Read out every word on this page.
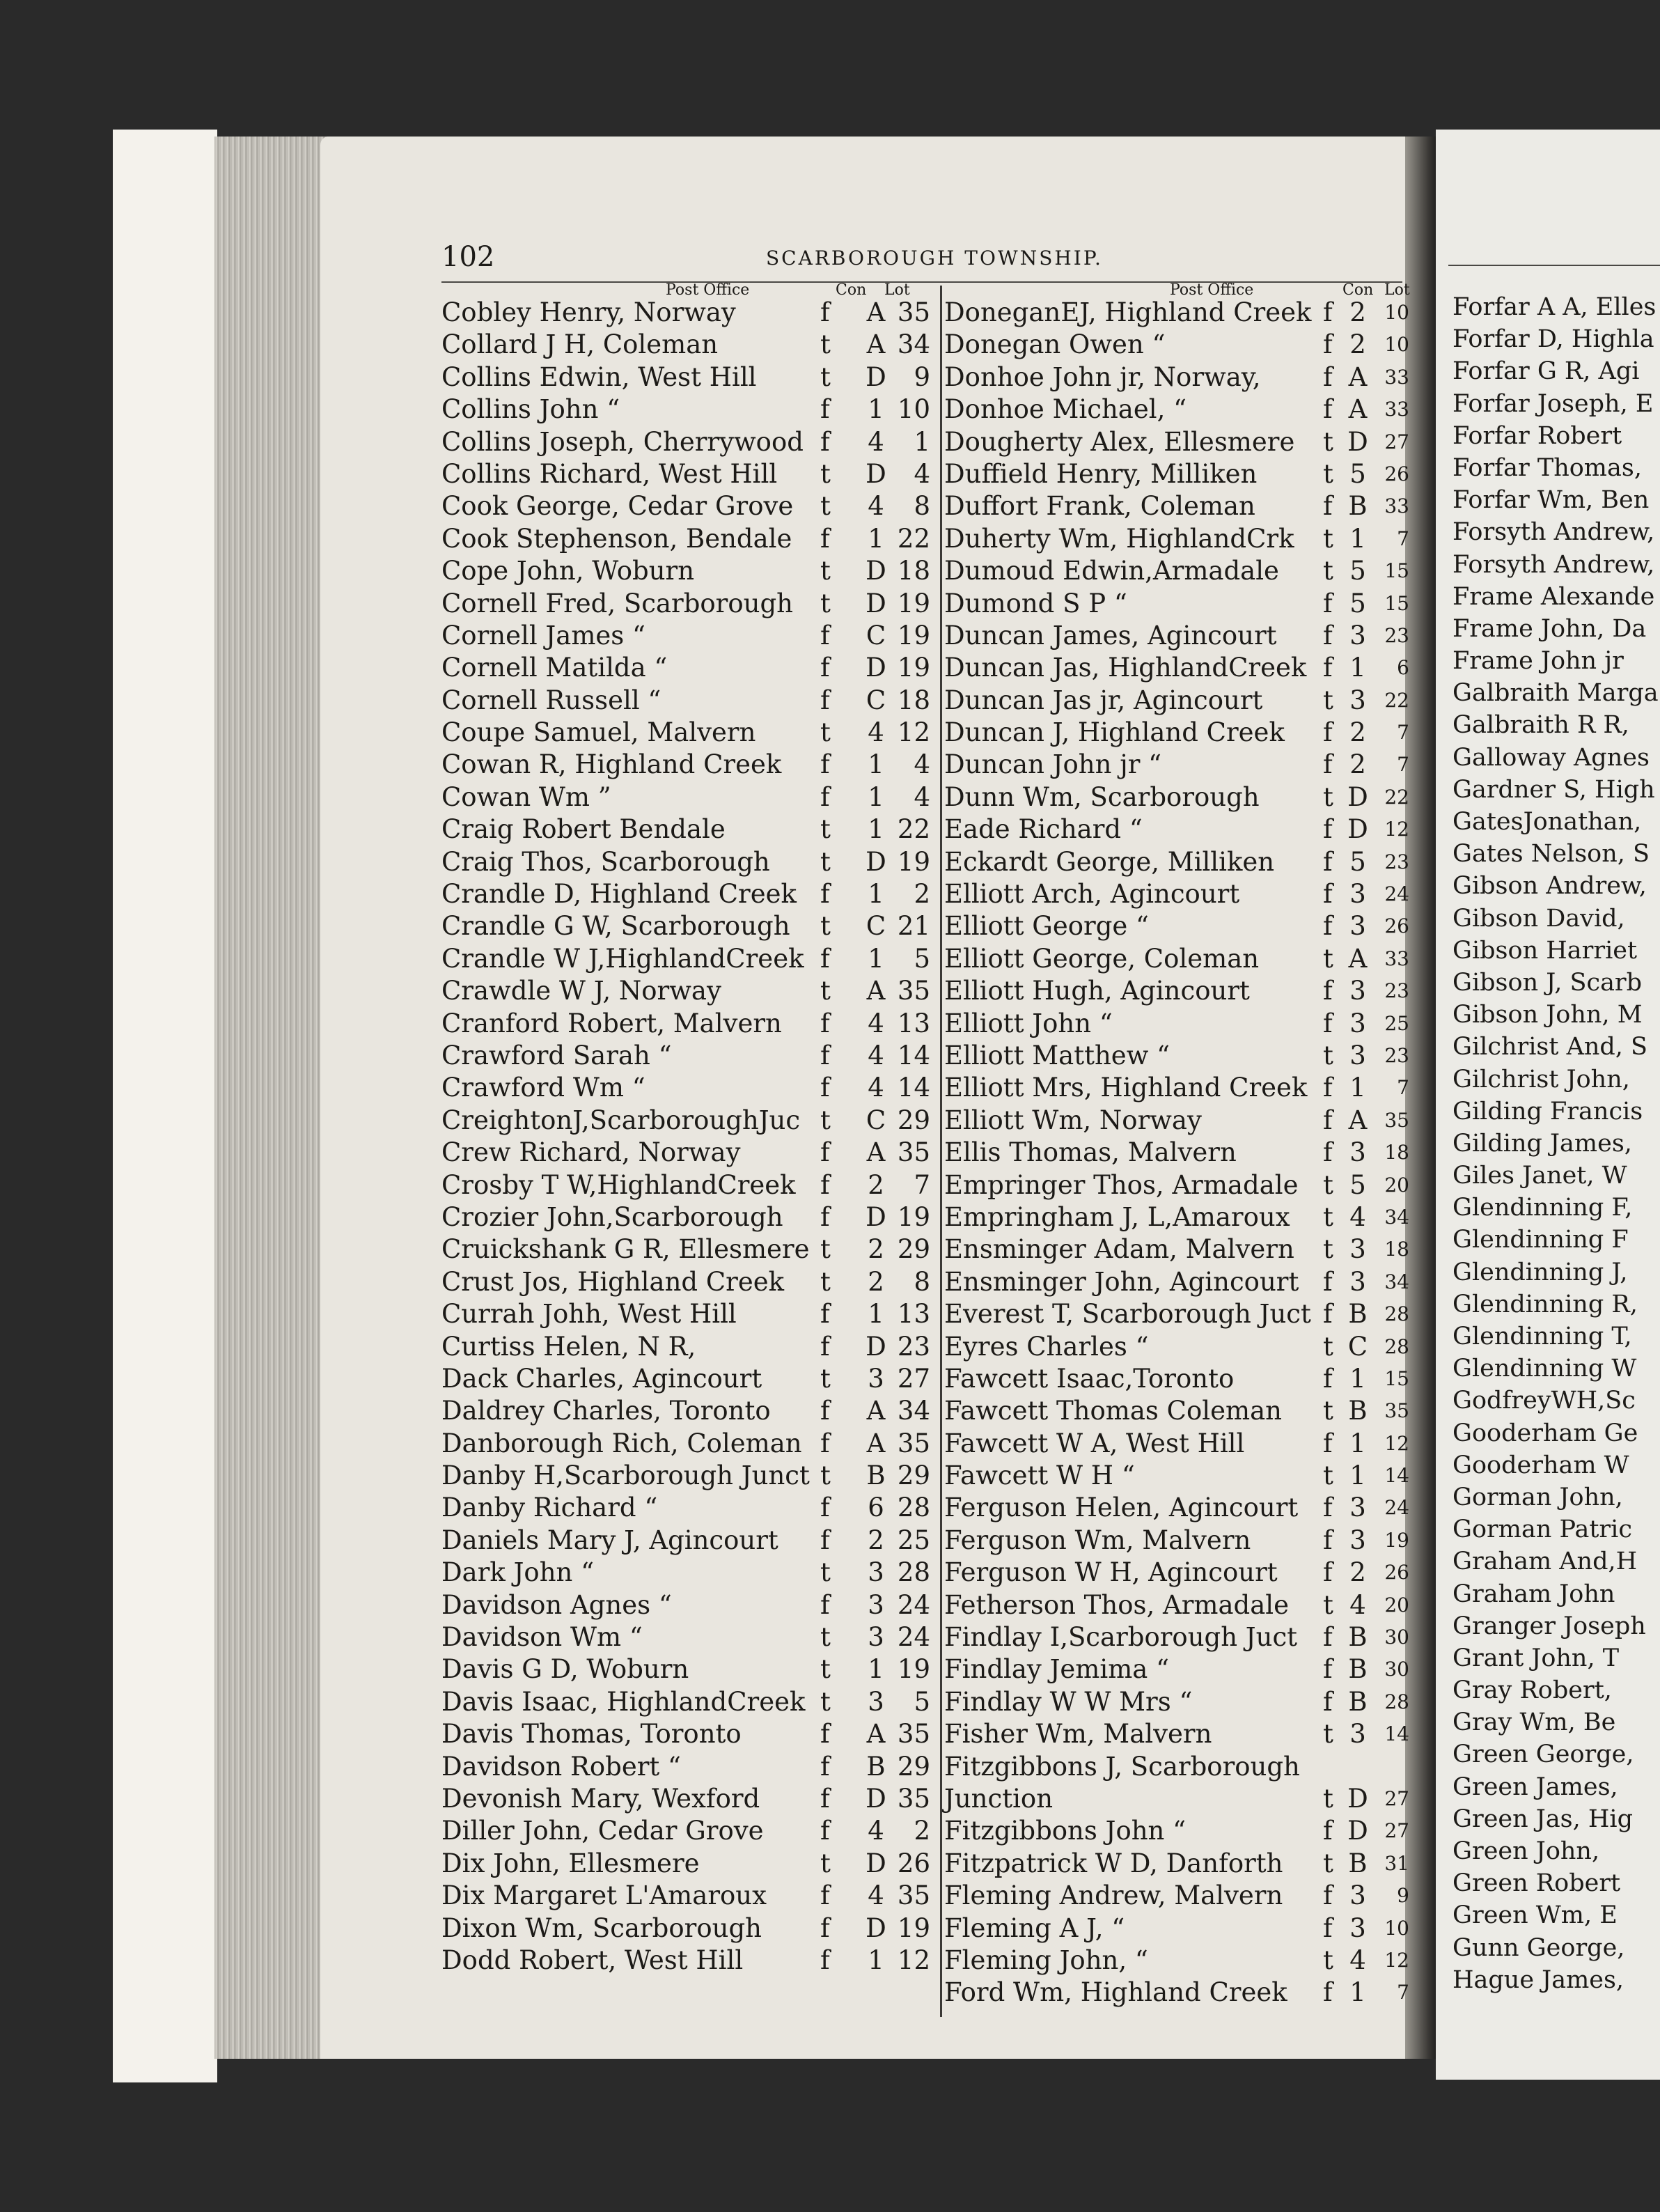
102	SCARBOROUGH TOWNSHIP.
Post Office	Con Lot	Post Office	Con Lot
Cobley Henry, Norway	f	A 35
Collard J H, Coleman	t	A 34
Collins Edwin, West Hill t	D	9
Collins John “	f	1 10
Collins Joseph, Cherrywood f	4	1
Collins Richard, West Hill t	D	4
Cook George, Cedar Grove t	4	8
Cook Stephenson, Bendale f	1 22
Cope John, Woburn	t	D 18
Cornell Fred, Scarborough t	D 19
Cornell James “	f	C 19
Cornell Matilda “	f	D 19
Cornell Russell “	f	C 18
Coupe Samuel, Malvern	t	4 12
Cowan R, Highland Creek f	1	4
Cowan Wm ”	f	1	4
Craig Robert Bendale	t	1 22
Craig Thos, Scarborough t	D 19
Crandle D, Highland Creek f	1	2
Crandle G W, Scarborough t	C 21
Crandle W J,HighlandCreek f	1	5
Crawdle W J, Norway	t	A 35
Cranford Robert, Malvern f	4 13
Crawford Sarah “	f	4 14
Crawford Wm “	f	4 14
CreightonJ,ScarboroughJuc t	C 29
Crew Richard, Norway	f	A 35
Crosby T W,HighlandCreek f	2	7
Crozier John,Scarborough f	D 19
Cruickshank G R, Ellesmere t	2 29
Crust Jos, Highland Creek t	2	8
Currah Johh, West Hill	f	1 13
Curtiss Helen, N R,	f	D 23
Dack Charles, Agincourt t	3 27
Daldrey Charles, Toronto f	A 34
Danborough Rich, Coleman f	A 35
Danby H,Scarborough Junct t	B 29
Danby Richard “	f	6 28
Daniels Mary J, Agincourt f	2 25
Dark John “	t	3 28
Davidson Agnes “	f	3 24
Davidson Wm “	t	3 24
Davis G D, Woburn	t	1 19
Davis Isaac, HighlandCreek t	3	5
Davis Thomas, Toronto	f	A 35
Davidson Robert “	f	B 29
Devonish Mary, Wexford f	D 35
Diller John, Cedar Grove f	4	2
Dix John, Ellesmere	t	D 26
Dix Margaret L'Amaroux f	4 35
Dixon Wm, Scarborough f	D 19
Dodd Robert, West Hill	f	1 12
DoneganEJ, Highland Creek f 2 10
Donegan Owen “	f 2 10
Donhoe John jr, Norway, f A 33
Donhoe Michael, “	f A 33
Dougherty Alex, Ellesmere t D 27
Duffield Henry, Milliken	t 5 26
Duffort Frank, Coleman	f B 33
Duherty Wm, HighlandCrk t 1	7
Dumoud Edwin,Armadale t 5 15
Dumond S P “	f 5 15
Duncan James, Agincourt f 3 23
Duncan Jas, HighlandCreek f 1	6
Duncan Jas jr, Agincourt t 3 22
Duncan J, Highland Creek f 2	7
Duncan John jr “	f 2	7
Dunn Wm, Scarborough t D 22
Eade Richard “	f D 12
Eckardt George, Milliken f 5 23
Elliott Arch, Agincourt	f 3 24
Elliott George “	f 3 26
Elliott George, Coleman t A 33
Elliott Hugh, Agincourt	f 3 23
Elliott John “	f 3 25
Elliott Matthew “	t 3 23
Elliott Mrs, Highland Creek f 1	7
Elliott Wm, Norway	f A 35
Ellis Thomas, Malvern	f 3 18
Empringer Thos, Armadale t 5 20
Empringham J, L,Amaroux t 4 34
Ensminger Adam, Malvern t 3 18
Ensminger John, Agincourt f 3 34
Everest T, Scarborough Juct f B 28
Eyres Charles “	t C 28
Fawcett Isaac,Toronto	f 1 15
Fawcett Thomas Coleman t B 35
Fawcett W A, West Hill	f 1 12
Fawcett W H “	t 1 14
Ferguson Helen, Agincourt f 3 24
Ferguson Wm, Malvern	f 3 19
Ferguson W H, Agincourt f 2 26
Fetherson Thos, Armadale t 4 20
Findlay I,Scarborough Juct f B 30
Findlay Jemima “	f B 30
Findlay W W Mrs “	f B 28
Fisher Wm, Malvern	t 3 14
Fitzgibbons J, Scarborough
Junction	t D 27
Fitzgibbons John “	f D 27
Fitzpatrick W D, Danforth t B 31
Fleming Andrew, Malvern f 3	9
Fleming A J, “	f 3 10
Fleming John, “	t 4 12
Ford Wm, Highland Creek f 1	7
Forfar A A, Elles
Forfar D, Highla
Forfar G R, Agi
Forfar Joseph, E
Forfar Robert
Forfar Thomas,
Forfar Wm, Ben
Forsyth Andrew,
Forsyth Andrew,
Frame Alexande
Frame John, Da
Frame John jr
Galbraith Marga
Galbraith R R,
Galloway Agnes
Gardner S, High
GatesJonathan,
Gates Nelson, S
Gibson Andrew,
Gibson David,
Gibson Harriet
Gibson J, Scarb
Gibson John, M
Gilchrist And, S
Gilchrist John,
Gilding Francis
Gilding James,
Giles Janet, W
Glendinning F,
Glendinning F
Glendinning J,
Glendinning R,
Glendinning T,
Glendinning W
GodfreyWH,Sc
Gooderham Ge
Gooderham W
Gorman John,
Gorman Patric
Graham And,H
Graham John
Granger Joseph
Grant John, T
Gray Robert,
Gray Wm, Be
Green George,
Green James,
Green Jas, Hig
Green John,
Green Robert
Green Wm, E
Gunn George,
Hague James,
